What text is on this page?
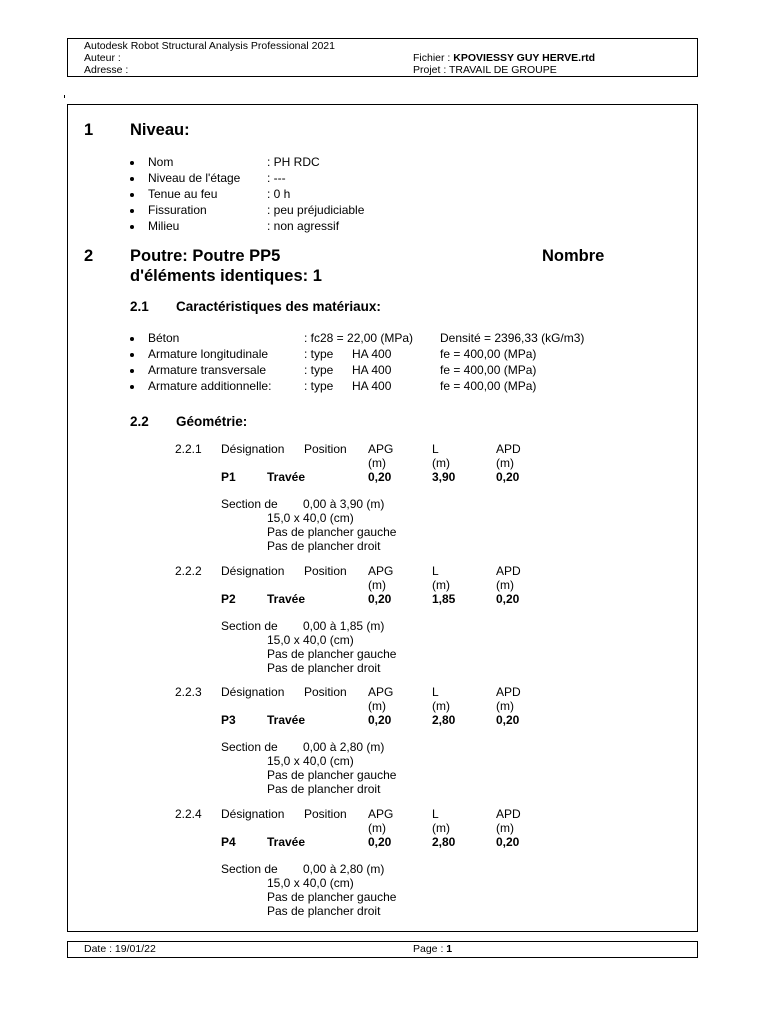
Autodesk Robot Structural Analysis Professional 2021
Auteur :
Adresse :
Fichier : KPOVIESSY GUY HERVE.rtd
Projet : TRAVAIL DE GROUPE
1 Niveau:
Nom	: PH RDC
Niveau de l'étage : ---
Tenue au feu	: 0 h
Fissuration	: peu préjudiciable
Milieu	: non agressif
2 Poutre: Poutre PP5	Nombre
d'éléments identiques: 1
2.1 Caractéristiques des matériaux:
Béton	: fc28 = 22,00 (MPa) Densité = 2396,33 (kG/m3)
Armature longitudinale	: type HA 400	fe = 400,00 (MPa)
Armature transversale	: type HA 400	fe = 400,00 (MPa)
Armature additionnelle:	: type HA 400	fe = 400,00 (MPa)
2.2 Géométrie:
2.2.1 Désignation Position APG	L	APD
(m)	(m)	(m)
P1	Travée	0,20	3,90	0,20
Section de 0,00 à 3,90 (m)
15,0 x 40,0 (cm)
Pas de plancher gauche
Pas de plancher droit
2.2.2 Désignation Position APG	L	APD
(m)	(m)	(m)
P2	Travée	0,20	1,85	0,20
Section de 0,00 à 1,85 (m)
15,0 x 40,0 (cm)
Pas de plancher gauche
Pas de plancher droit
2.2.3 Désignation Position APG	L	APD
(m)	(m)	(m)
P3	Travée	0,20	2,80	0,20
Section de 0,00 à 2,80 (m)
15,0 x 40,0 (cm)
Pas de plancher gauche
Pas de plancher droit
2.2.4 Désignation Position APG	L	APD
(m)	(m)	(m)
P4	Travée	0,20	2,80	0,20
Section de 0,00 à 2,80 (m)
15,0 x 40,0 (cm)
Pas de plancher gauche
Pas de plancher droit
Date : 19/01/22	Page : 1
